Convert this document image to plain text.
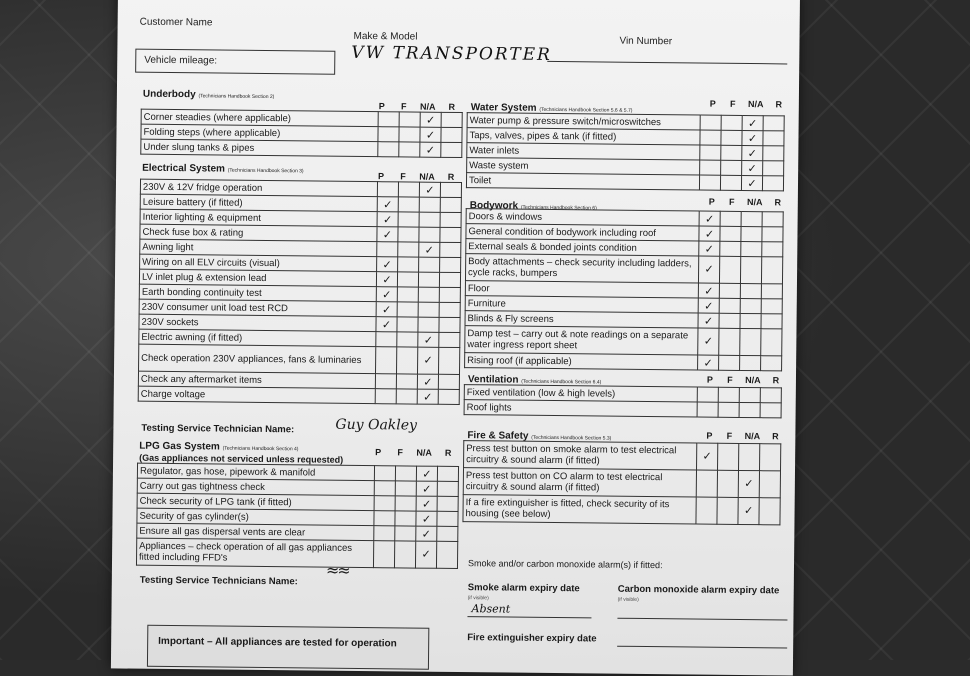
Customer Name
Make & Model
VW TRANSPORTER
Vin Number
Vehicle mileage:
Underbody (Technicians Handbook Section 2)
P	F	N/A	R
Corner steadies (where applicable)			✓	
Folding steps (where applicable)			✓	
Under slung tanks & pipes			✓	
Electrical System (Technicians Handbook Section 3)
P	F	N/A	R
230V & 12V fridge operation			✓	
Leisure battery (if fitted)	✓			
Interior lighting & equipment	✓			
Check fuse box & rating	✓			
Awning light			✓	
Wiring on all ELV circuits (visual)	✓			
LV inlet plug & extension lead	✓			
Earth bonding continuity test	✓			
230V consumer unit load test RCD	✓			
230V sockets	✓			
Electric awning (if fitted)			✓	
Check operation 230V appliances, fans & luminaries			✓	
Check any aftermarket items			✓	
Charge voltage			✓	
Testing Service Technician Name:	Guy Oakley
LPG Gas System (Technicians Handbook Section 4)
(Gas appliances not serviced unless requested)
P	F	N/A	R
Regulator, gas hose, pipework & manifold			✓	
Carry out gas tightness check			✓	
Check security of LPG tank (if fitted)			✓	
Security of gas cylinder(s)			✓	
Ensure all gas dispersal vents are clear			✓	
Appliances – check operation of all gas appliances fitted including FFD's			✓	
Testing Service Technicians Name:
≈≈
Water System (Technicians Handbook Section 5.6 & 5.7)
P	F	N/A	R
Water pump & pressure switch/microswitches			✓	
Taps, valves, pipes & tank (if fitted)			✓	
Water inlets			✓	
Waste system			✓	
Toilet			✓	
Bodywork (Technicians Handbook Section 6)
P	F	N/A	R
Doors & windows	✓			
General condition of bodywork including roof	✓			
External seals & bonded joints condition	✓			
Body attachments – check security including ladders, cycle racks, bumpers	✓			
Floor	✓			
Furniture	✓			
Blinds & Fly screens	✓			
Damp test – carry out & note readings on a separate water ingress report sheet	✓			
Rising roof (if applicable)	✓			
Ventilation (Technicians Handbook Section 6.4)	P	F	N/A	R
Fixed ventilation (low & high levels)				
Roof lights				
Fire & Safety (Technicians Handbook Section 5.3)	P	F	N/A	R
Press test button on smoke alarm to test electrical circuitry & sound alarm (if fitted)	✓			
Press test button on CO alarm to test electrical circuitry & sound alarm (if fitted)			✓	
If a fire extinguisher is fitted, check security of its housing (see below)			✓	
Smoke and/or carbon monoxide alarm(s) if fitted:
Smoke alarm expiry date
(if visible)
Absent
Carbon monoxide alarm expiry date
(if visible)
Fire extinguisher expiry date
Important – All appliances are tested for operation
